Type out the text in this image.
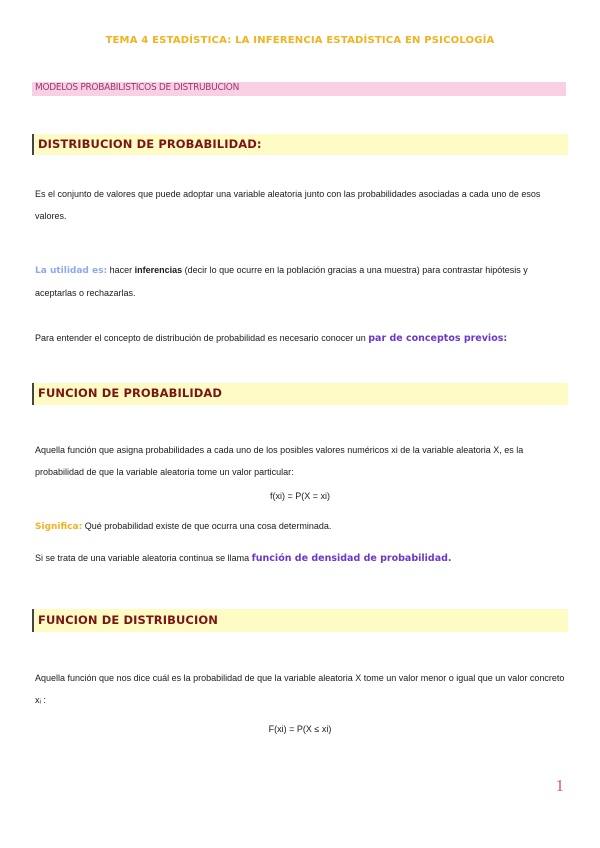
TEMA 4 ESTADÍSTICA: LA INFERENCIA ESTADÍSTICA EN PSICOLOGÍA
MODELOS PROBABILISTICOS DE DISTRUBUCION
DISTRIBUCION DE PROBABILIDAD:
Es el conjunto de valores que puede adoptar una variable aleatoria junto con las probabilidades asociadas a cada uno de esos valores.
La utilidad es: hacer inferencias (decir lo que ocurre en la población gracias a una muestra) para contrastar hipótesis y aceptarlas o rechazarlas.
Para entender el concepto de distribución de probabilidad es necesario conocer un par de conceptos previos:
FUNCION DE PROBABILIDAD
Aquella función que asigna probabilidades a cada uno de los posibles valores numéricos xi de la variable aleatoria X, es la probabilidad de que la variable aleatoria tome un valor particular:
f(xi) = P(X = xi)
Significa: Qué probabilidad existe de que ocurra una cosa determinada.
Si se trata de una variable aleatoria continua se llama función de densidad de probabilidad.
FUNCION DE DISTRIBUCION
Aquella función que nos dice cuál es la probabilidad de que la variable aleatoria X tome un valor menor o igual que un valor concreto xᵢ :
F(xi) = P(X ≤ xi)
1
